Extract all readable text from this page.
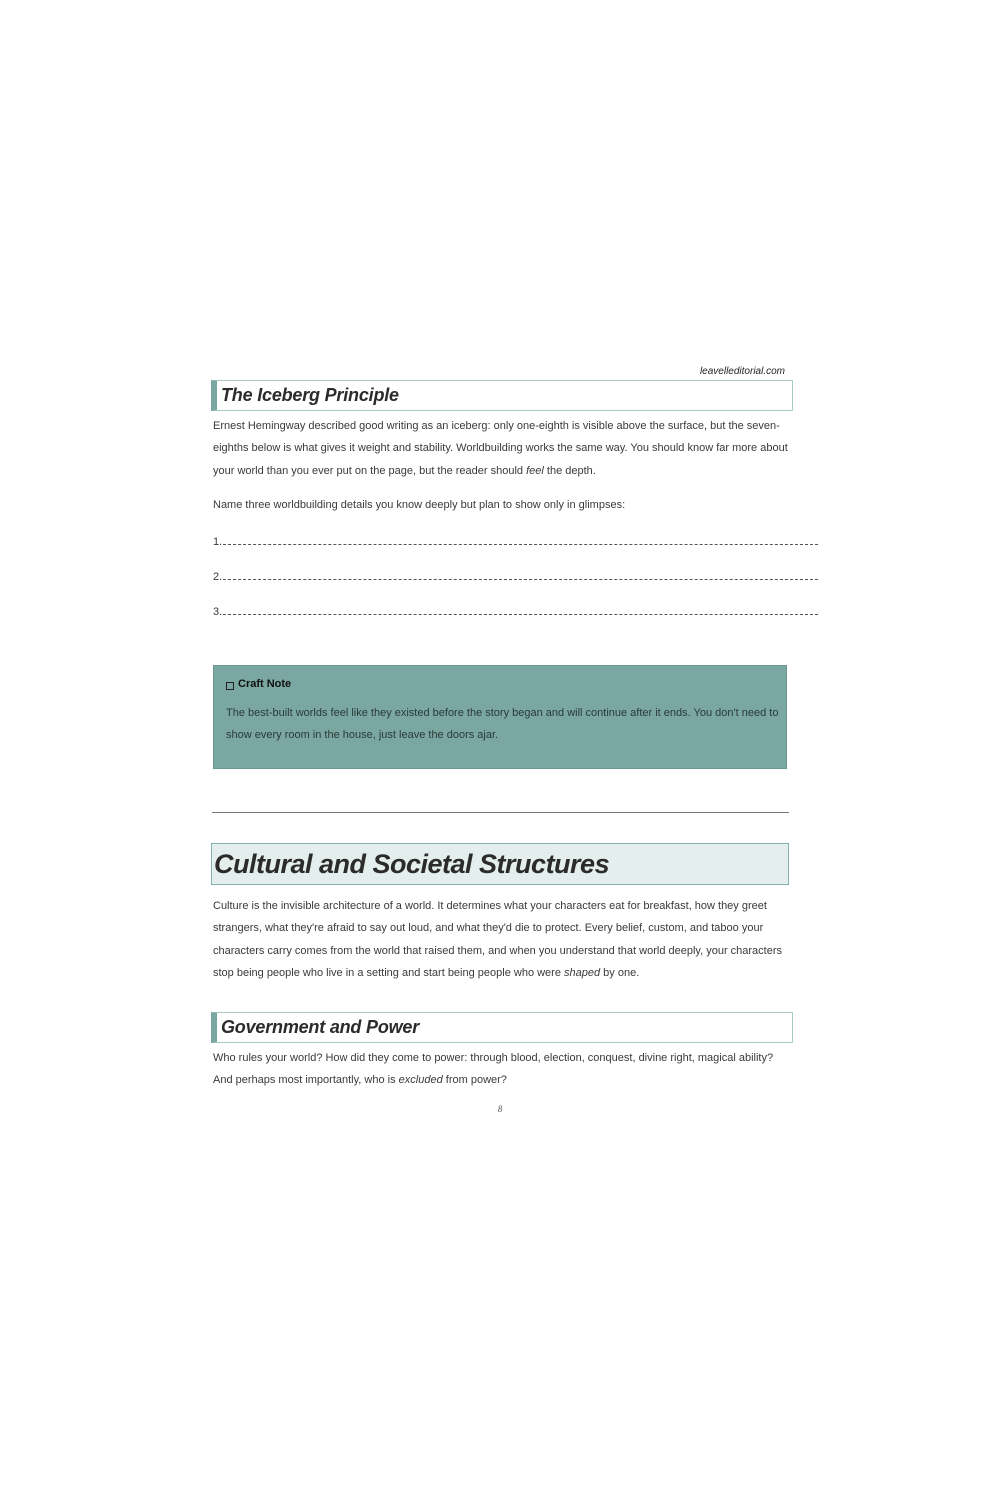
leavelleditorial.com
The Iceberg Principle

Ernest Hemingway described good writing as an iceberg: only one-eighth is visible above the surface, but the seven-eighths below is what gives it weight and stability. Worldbuilding works the same way. You should know far more about your world than you ever put on the page, but the reader should feel the depth.

Name three worldbuilding details you know deeply but plan to show only in glimpses:

1.
2.
3.
Craft Note
The best-built worlds feel like they existed before the story began and will continue after it ends. You don't need to show every room in the house, just leave the doors ajar.
Cultural and Societal Structures

Culture is the invisible architecture of a world. It determines what your characters eat for breakfast, how they greet strangers, what they're afraid to say out loud, and what they'd die to protect. Every belief, custom, and taboo your characters carry comes from the world that raised them, and when you understand that world deeply, your characters stop being people who live in a setting and start being people who were shaped by one.

Government and Power

Who rules your world? How did they come to power: through blood, election, conquest, divine right, magical ability? And perhaps most importantly, who is excluded from power?

8
